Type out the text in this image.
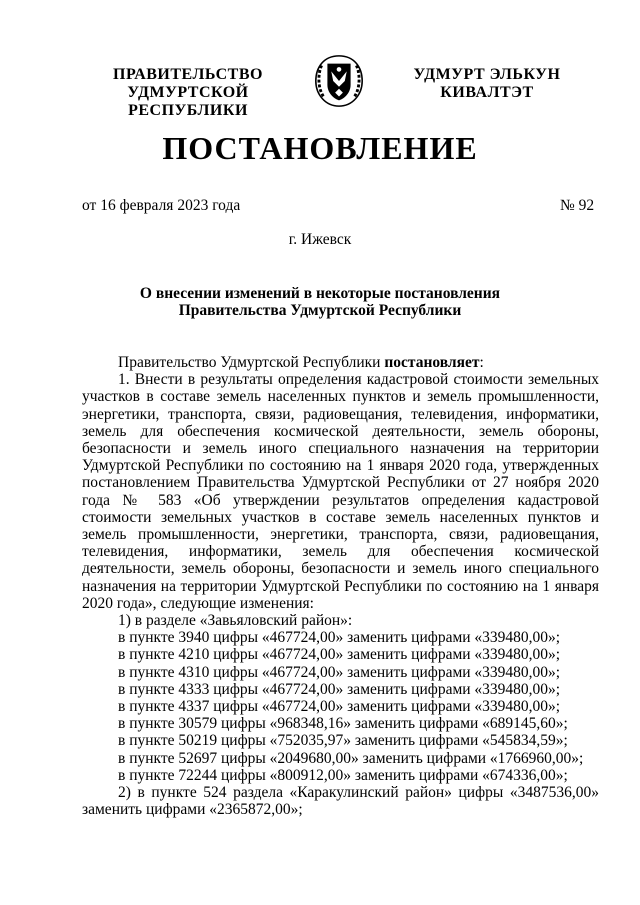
ПРАВИТЕЛЬСТВО
УДМУРТСКОЙ РЕСПУБЛИКИ
УДМУРТ ЭЛЬКУН
КИВАЛТЭТ
ПОСТАНОВЛЕНИЕ
от 16 февраля 2023 года	№ 92
г. Ижевск
О внесении изменений в некоторые постановления
Правительства Удмуртской Республики

Правительство Удмуртской Республики постановляет:

1. Внести в результаты определения кадастровой стоимости земельных участков в составе земель населенных пунктов и земель промышленности, энергетики, транспорта, связи, радиовещания, телевидения, информатики, земель для обеспечения космической деятельности, земель обороны, безопасности и земель иного специального назначения на территории Удмуртской Республики по состоянию на 1 января 2020 года, утвержденных постановлением Правительства Удмуртской Республики от 27 ноября 2020 года № 583 «Об утверждении результатов определения кадастровой стоимости земельных участков в составе земель населенных пунктов и земель промышленности, энергетики, транспорта, связи, радиовещания, телевидения, информатики, земель для обеспечения космической деятельности, земель обороны, безопасности и земель иного специального назначения на территории Удмуртской Республики по состоянию на 1 января 2020 года», следующие изменения:

1) в разделе «Завьяловский район»:

в пункте 3940 цифры «467724,00» заменить цифрами «339480,00»;

в пункте 4210 цифры «467724,00» заменить цифрами «339480,00»;

в пункте 4310 цифры «467724,00» заменить цифрами «339480,00»;

в пункте 4333 цифры «467724,00» заменить цифрами «339480,00»;

в пункте 4337 цифры «467724,00» заменить цифрами «339480,00»;

в пункте 30579 цифры «968348,16» заменить цифрами «689145,60»;

в пункте 50219 цифры «752035,97» заменить цифрами «545834,59»;

в пункте 52697 цифры «2049680,00» заменить цифрами «1766960,00»;

в пункте 72244 цифры «800912,00» заменить цифрами «674336,00»;

2) в пункте 524 раздела «Каракулинский район» цифры «3487536,00» заменить цифрами «2365872,00»;
